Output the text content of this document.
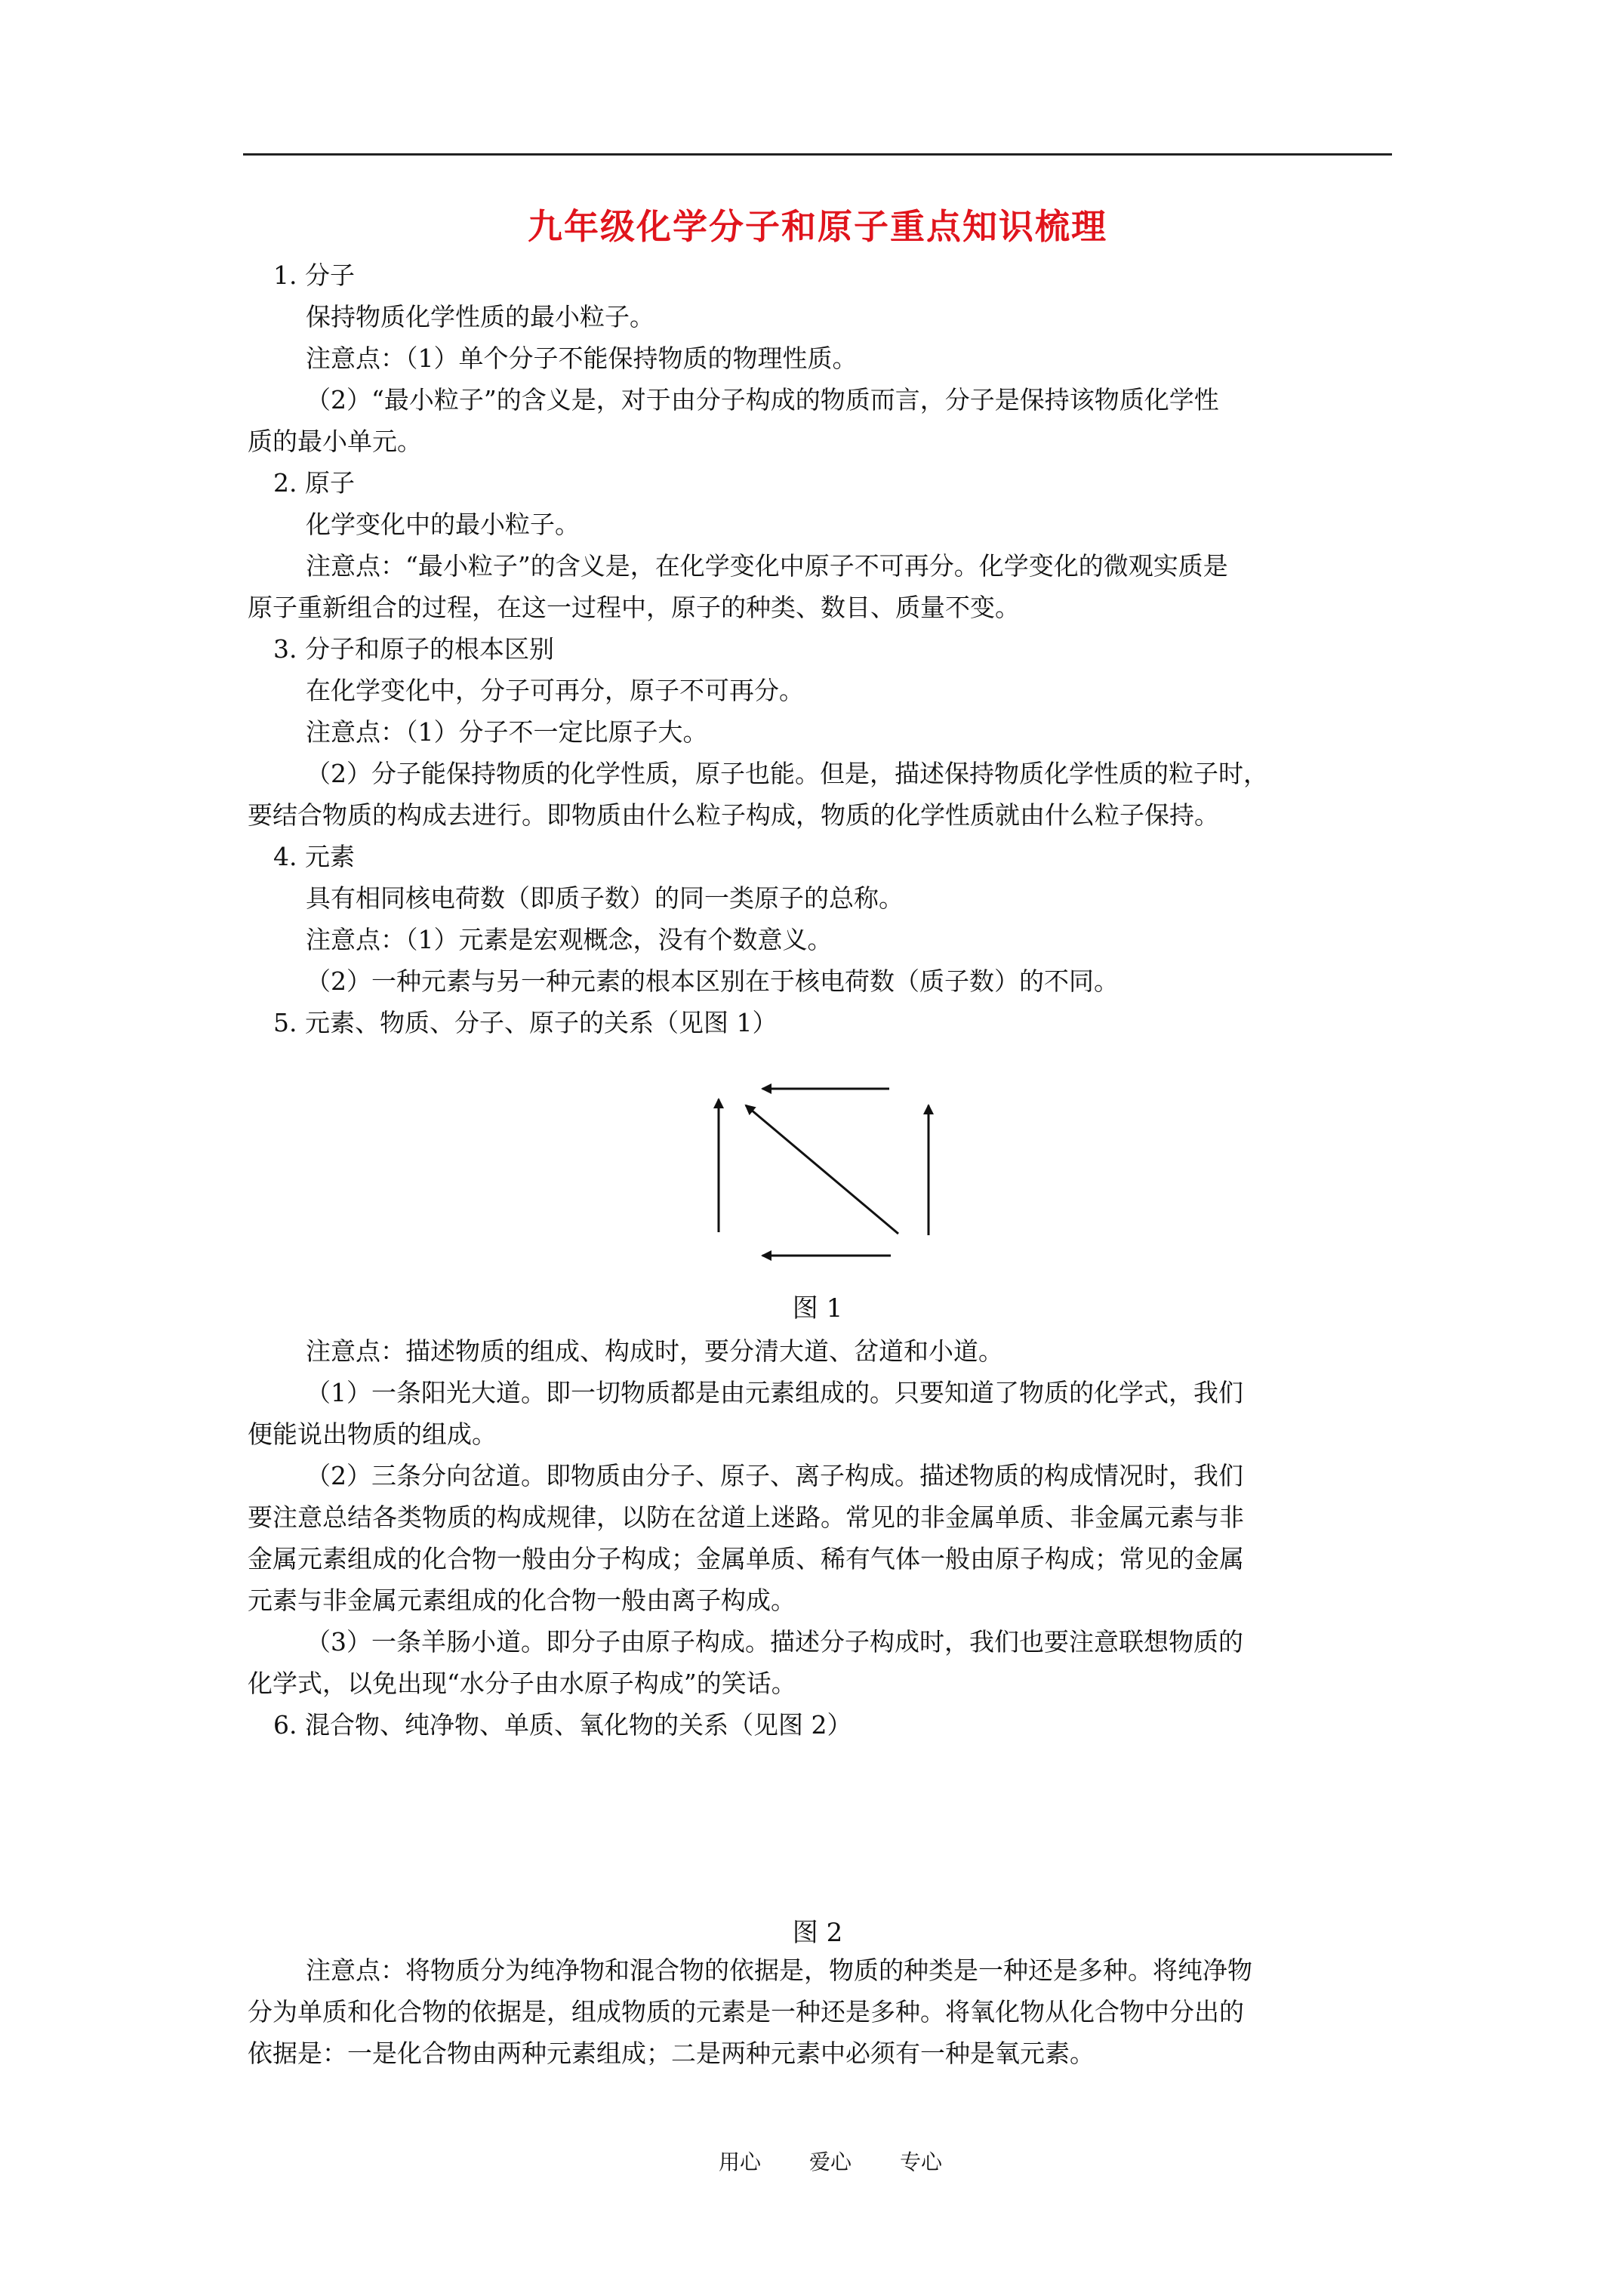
九年级化学分子和原子重点知识梳理
1. 分子
保持物质化学性质的最小粒子。
注意点：（1）单个分子不能保持物质的物理性质。
（2）“最小粒子”的含义是，对于由分子构成的物质而言，分子是保持该物质化学性
质的最小单元。
2. 原子
化学变化中的最小粒子。
注意点：“最小粒子”的含义是，在化学变化中原子不可再分。化学变化的微观实质是
原子重新组合的过程，在这一过程中，原子的种类、数目、质量不变。
3. 分子和原子的根本区别
在化学变化中，分子可再分，原子不可再分。
注意点：（1）分子不一定比原子大。
（2）分子能保持物质的化学性质，原子也能。但是，描述保持物质化学性质的粒子时，
要结合物质的构成去进行。即物质由什么粒子构成，物质的化学性质就由什么粒子保持。
4. 元素
具有相同核电荷数（即质子数）的同一类原子的总称。
注意点：（1）元素是宏观概念，没有个数意义。
（2）一种元素与另一种元素的根本区别在于核电荷数（质子数）的不同。
5. 元素、物质、分子、原子的关系（见图 1）
图 1
注意点：描述物质的组成、构成时，要分清大道、岔道和小道。
（1）一条阳光大道。即一切物质都是由元素组成的。只要知道了物质的化学式，我们
便能说出物质的组成。
（2）三条分向岔道。即物质由分子、原子、离子构成。描述物质的构成情况时，我们
要注意总结各类物质的构成规律，以防在岔道上迷路。常见的非金属单质、非金属元素与非
金属元素组成的化合物一般由分子构成；金属单质、稀有气体一般由原子构成；常见的金属
元素与非金属元素组成的化合物一般由离子构成。
（3）一条羊肠小道。即分子由原子构成。描述分子构成时，我们也要注意联想物质的
化学式，以免出现“水分子由水原子构成”的笑话。
6. 混合物、纯净物、单质、氧化物的关系（见图 2）
图 2
注意点：将物质分为纯净物和混合物的依据是，物质的种类是一种还是多种。将纯净物
分为单质和化合物的依据是，组成物质的元素是一种还是多种。将氧化物从化合物中分出的
依据是：一是化合物由两种元素组成；二是两种元素中必须有一种是氧元素。
用心 爱心 专心
